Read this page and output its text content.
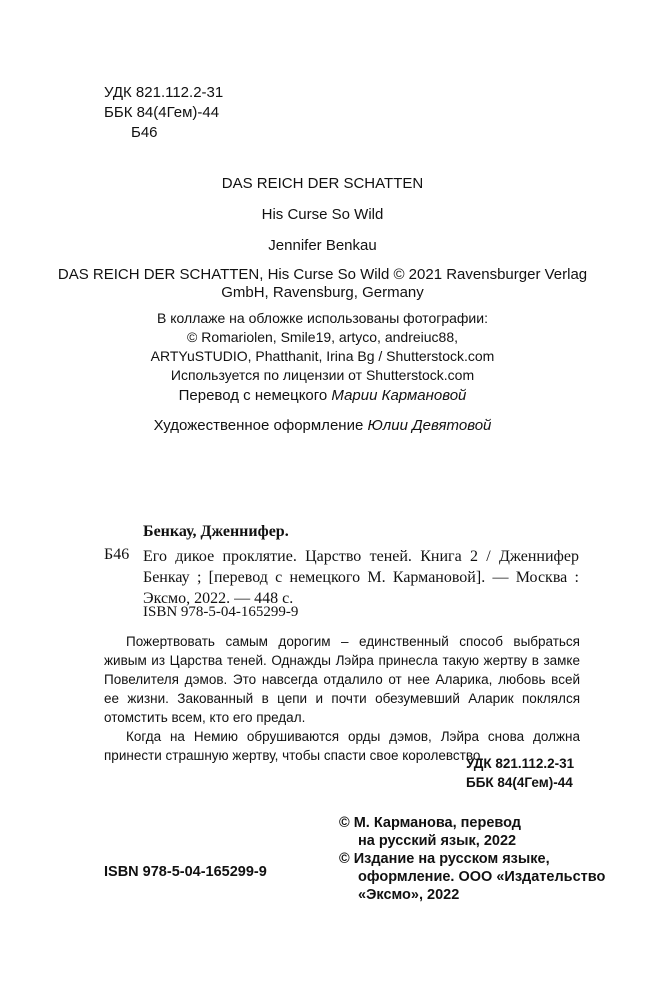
УДК 821.112.2-31
ББК 84(4Гем)-44
Б46
DAS REICH DER SCHATTEN
His Curse So Wild
Jennifer Benkau
DAS REICH DER SCHATTEN, His Curse So Wild © 2021 Ravensburger Verlag
GmbH, Ravensburg, Germany
В коллаже на обложке использованы фотографии:
© Romariolen, Smile19, artyco, andreiuc88,
ARTYuSTUDIO, Phatthanit, Irina Bg / Shutterstock.com
Используется по лицензии от Shutterstock.com
Перевод с немецкого Марии Кармановой
Художественное оформление Юлии Девятовой
Бенкау, Дженнифер.
Б46 Его дикое проклятие. Царство теней. Книга 2 / Дженнифер Бенкау ; [перевод с немецкого М. Кармановой]. — Москва : Эксмо, 2022. — 448 с.
ISBN 978-5-04-165299-9

Пожертвовать самым дорогим – единственный способ выбраться живым из Царства теней. Однажды Лэйра принесла такую жертву в замке Повелителя дэмов. Это навсегда отдалило от нее Аларика, любовь всей ее жизни. Закованный в цепи и почти обезумевший Аларик поклялся отомстить всем, кто его предал.

Когда на Немию обрушиваются орды дэмов, Лэйра снова должна принести страшную жертву, чтобы спасти свое королевство.

УДК 821.112.2-31
ББК 84(4Гем)-44
© М. Карманова, перевод
на русский язык, 2022
© Издание на русском языке,
оформление. ООО «Издательство
«Эксмо», 2022
ISBN 978-5-04-165299-9
